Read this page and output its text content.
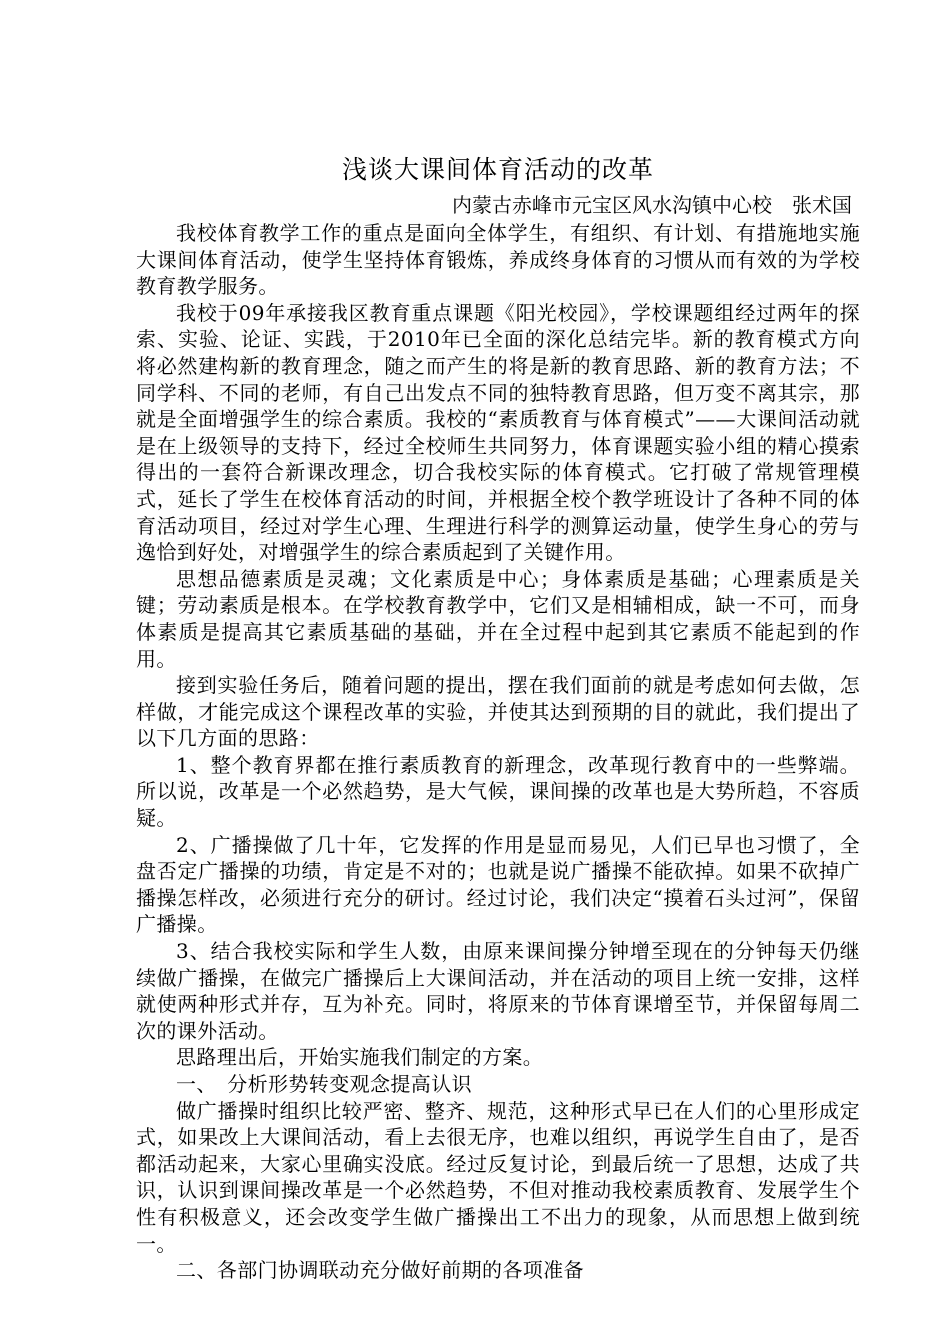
浅谈大课间体育活动的改革

内蒙古赤峰市元宝区风水沟镇中心校　张术国

我校体育教学工作的重点是面向全体学生，有组织、有计划、有措施地实施大课间体育活动，使学生坚持体育锻炼，养成终身体育的习惯从而有效的为学校教育教学服务。

我校于09年承接我区教育重点课题《阳光校园》，学校课题组经过两年的探索、实验、论证、实践，于2010年已全面的深化总结完毕。新的教育模式方向将必然建构新的教育理念，随之而产生的将是新的教育思路、新的教育方法；不同学科、不同的老师，有自己出发点不同的独特教育思路，但万变不离其宗，那就是全面增强学生的综合素质。我校的“素质教育与体育模式”——大课间活动就是在上级领导的支持下，经过全校师生共同努力，体育课题实验小组的精心摸索得出的一套符合新课改理念，切合我校实际的体育模式。它打破了常规管理模式，延长了学生在校体育活动的时间，并根据全校个教学班设计了各种不同的体育活动项目，经过对学生心理、生理进行科学的测算运动量，使学生身心的劳与逸恰到好处，对增强学生的综合素质起到了关键作用。

思想品德素质是灵魂；文化素质是中心；身体素质是基础；心理素质是关键；劳动素质是根本。在学校教育教学中，它们又是相辅相成，缺一不可，而身体素质是提高其它素质基础的基础，并在全过程中起到其它素质不能起到的作用。

接到实验任务后，随着问题的提出，摆在我们面前的就是考虑如何去做，怎样做，才能完成这个课程改革的实验，并使其达到预期的目的就此，我们提出了以下几方面的思路：

1、整个教育界都在推行素质教育的新理念，改革现行教育中的一些弊端。所以说，改革是一个必然趋势，是大气候，课间操的改革也是大势所趋，不容质疑。

2、广播操做了几十年，它发挥的作用是显而易见，人们已早也习惯了，全盘否定广播操的功绩，肯定是不对的；也就是说广播操不能砍掉。如果不砍掉广播操怎样改，必须进行充分的研讨。经过讨论，我们决定“摸着石头过河”，保留广播操。

3、结合我校实际和学生人数，由原来课间操分钟增至现在的分钟每天仍继续做广播操，在做完广播操后上大课间活动，并在活动的项目上统一安排，这样就使两种形式并存，互为补充。同时，将原来的节体育课增至节，并保留每周二次的课外活动。

思路理出后，开始实施我们制定的方案。

一、　分析形势转变观念提高认识

做广播操时组织比较严密、整齐、规范，这种形式早已在人们的心里形成定式，如果改上大课间活动，看上去很无序，也难以组织，再说学生自由了，是否都活动起来，大家心里确实没底。经过反复讨论，到最后统一了思想，达成了共识，认识到课间操改革是一个必然趋势，不但对推动我校素质教育、发展学生个性有积极意义，还会改变学生做广播操出工不出力的现象，从而思想上做到统一。

二、各部门协调联动充分做好前期的各项准备
